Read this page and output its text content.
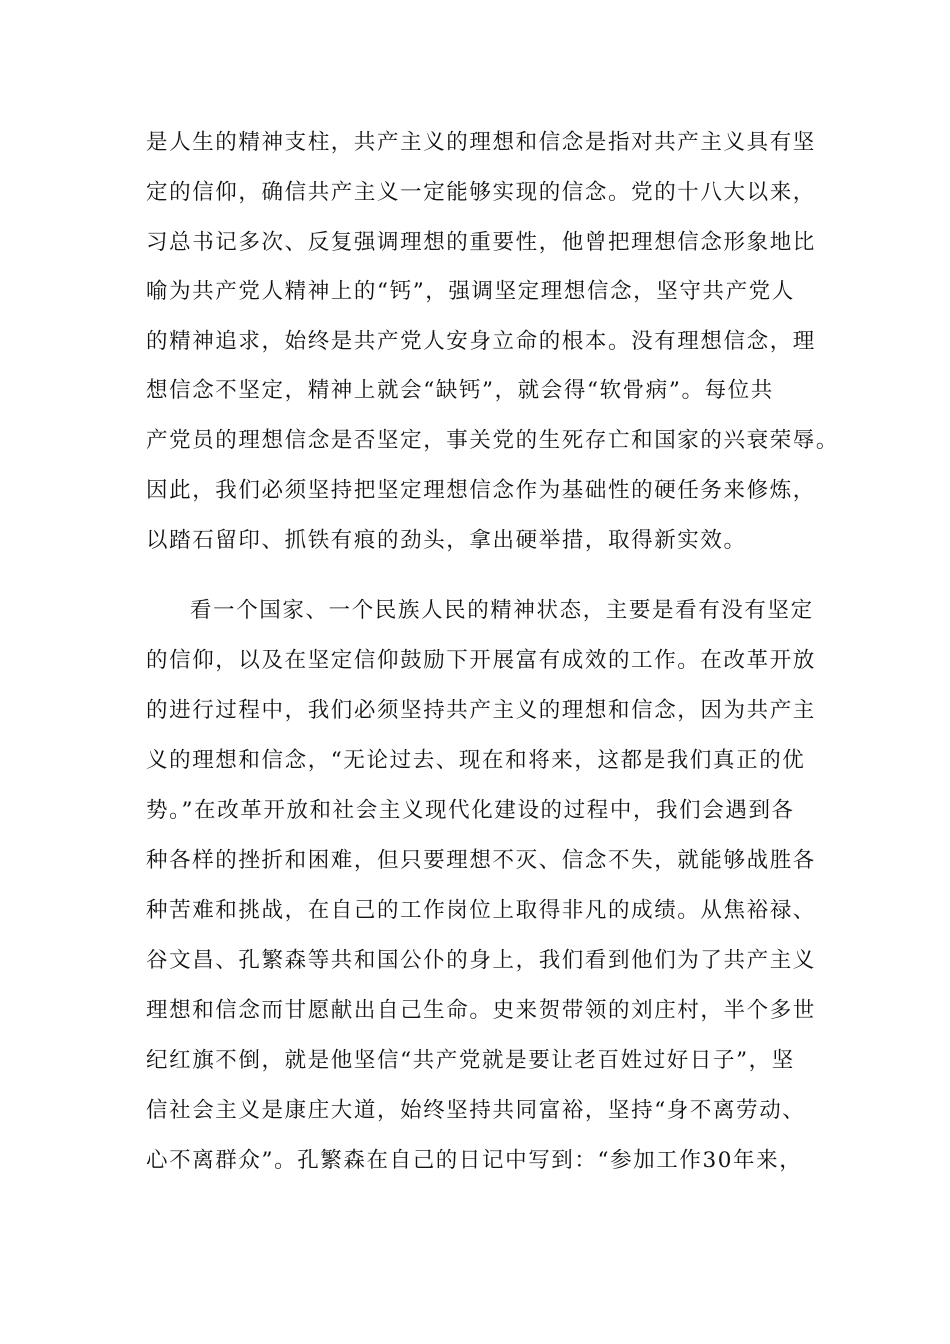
是人生的精神支柱，共产主义的理想和信念是指对共产主义具有坚
定的信仰，确信共产主义一定能够实现的信念。党的十八大以来，
习总书记多次、反复强调理想的重要性，他曾把理想信念形象地比
喻为共产党人精神上的“钙”，强调坚定理想信念，坚守共产党人
的精神追求，始终是共产党人安身立命的根本。没有理想信念，理
想信念不坚定，精神上就会“缺钙”，就会得“软骨病”。每位共
产党员的理想信念是否坚定，事关党的生死存亡和国家的兴衰荣辱。
因此，我们必须坚持把坚定理想信念作为基础性的硬任务来修炼，
以踏石留印、抓铁有痕的劲头，拿出硬举措，取得新实效。
看一个国家、一个民族人民的精神状态，主要是看有没有坚定
的信仰，以及在坚定信仰鼓励下开展富有成效的工作。在改革开放
的进行过程中，我们必须坚持共产主义的理想和信念，因为共产主
义的理想和信念，“无论过去、现在和将来，这都是我们真正的优
势。”在改革开放和社会主义现代化建设的过程中，我们会遇到各
种各样的挫折和困难，但只要理想不灭、信念不失，就能够战胜各
种苦难和挑战，在自己的工作岗位上取得非凡的成绩。从焦裕禄、
谷文昌、孔繁森等共和国公仆的身上，我们看到他们为了共产主义
理想和信念而甘愿献出自己生命。史来贺带领的刘庄村，半个多世
纪红旗不倒，就是他坚信“共产党就是要让老百姓过好日子”，坚
信社会主义是康庄大道，始终坚持共同富裕，坚持“身不离劳动、
心不离群众”。孔繁森在自己的日记中写到：“参加工作30年来，
